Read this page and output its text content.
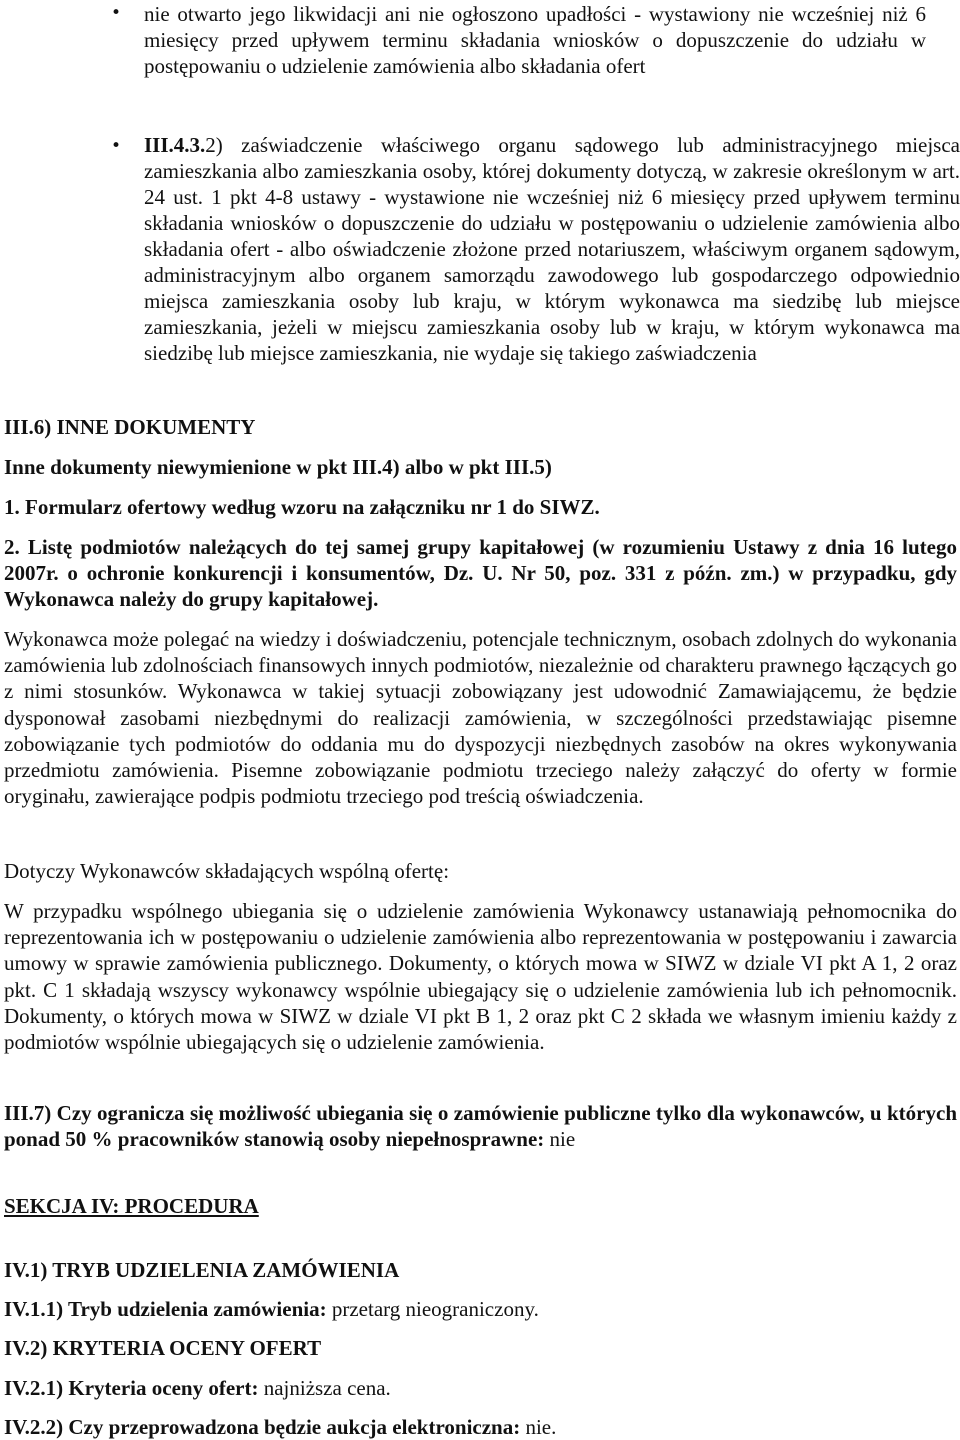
• nie otwarto jego likwidacji ani nie ogłoszono upadłości - wystawiony nie wcześniej niż 6 miesięcy przed upływem terminu składania wniosków o dopuszczenie do udziału w postępowaniu o udzielenie zamówienia albo składania ofert
• III.4.3.2) zaświadczenie właściwego organu sądowego lub administracyjnego miejsca zamieszkania albo zamieszkania osoby, której dokumenty dotyczą, w zakresie określonym w art. 24 ust. 1 pkt 4-8 ustawy - wystawione nie wcześniej niż 6 miesięcy przed upływem terminu składania wniosków o dopuszczenie do udziału w postępowaniu o udzielenie zamówienia albo składania ofert - albo oświadczenie złożone przed notariuszem, właściwym organem sądowym, administracyjnym albo organem samorządu zawodowego lub gospodarczego odpowiednio miejsca zamieszkania osoby lub kraju, w którym wykonawca ma siedzibę lub miejsce zamieszkania, jeżeli w miejscu zamieszkania osoby lub w kraju, w którym wykonawca ma siedzibę lub miejsce zamieszkania, nie wydaje się takiego zaświadczenia
III.6) INNE DOKUMENTY
Inne dokumenty niewymienione w pkt III.4) albo w pkt III.5)
1. Formularz ofertowy według wzoru na załączniku nr 1 do SIWZ.
2. Listę podmiotów należących do tej samej grupy kapitałowej (w rozumieniu Ustawy z dnia 16 lutego 2007r. o ochronie konkurencji i konsumentów, Dz. U. Nr 50, poz. 331 z późn. zm.) w przypadku, gdy Wykonawca należy do grupy kapitałowej.
Wykonawca może polegać na wiedzy i doświadczeniu, potencjale technicznym, osobach zdolnych do wykonania zamówienia lub zdolnościach finansowych innych podmiotów, niezależnie od charakteru prawnego łączących go z nimi stosunków. Wykonawca w takiej sytuacji zobowiązany jest udowodnić Zamawiającemu, że będzie dysponował zasobami niezbędnymi do realizacji zamówienia, w szczególności przedstawiając pisemne zobowiązanie tych podmiotów do oddania mu do dyspozycji niezbędnych zasobów na okres wykonywania przedmiotu zamówienia. Pisemne zobowiązanie podmiotu trzeciego należy załączyć do oferty w formie oryginału, zawierające podpis podmiotu trzeciego pod treścią oświadczenia.
Dotyczy Wykonawców składających wspólną ofertę:
W przypadku wspólnego ubiegania się o udzielenie zamówienia Wykonawcy ustanawiają pełnomocnika do reprezentowania ich w postępowaniu o udzielenie zamówienia albo reprezentowania w postępowaniu i zawarcia umowy w sprawie zamówienia publicznego. Dokumenty, o których mowa w SIWZ w dziale VI pkt A 1, 2 oraz pkt. C 1 składają wszyscy wykonawcy wspólnie ubiegający się o udzielenie zamówienia lub ich pełnomocnik. Dokumenty, o których mowa w SIWZ w dziale VI pkt B 1, 2 oraz pkt C 2 składa we własnym imieniu każdy z podmiotów wspólnie ubiegających się o udzielenie zamówienia.
III.7) Czy ogranicza się możliwość ubiegania się o zamówienie publiczne tylko dla wykonawców, u których ponad 50 % pracowników stanowią osoby niepełnosprawne: nie
SEKCJA IV: PROCEDURA
IV.1) TRYB UDZIELENIA ZAMÓWIENIA
IV.1.1) Tryb udzielenia zamówienia: przetarg nieograniczony.
IV.2) KRYTERIA OCENY OFERT
IV.2.1) Kryteria oceny ofert: najniższa cena.
IV.2.2) Czy przeprowadzona będzie aukcja elektroniczna: nie.
